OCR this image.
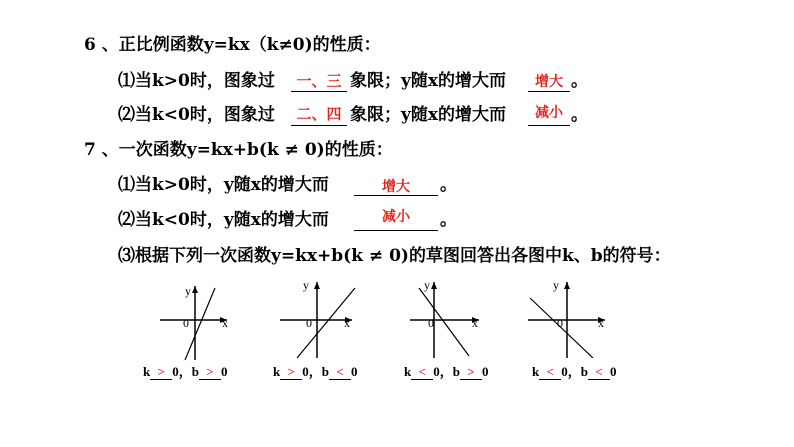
6 、正比例函数y=kx（k≠0)的性质：
⑴当k>0时，图象过	一、三 象限；y随x的增大而	增大 。
⑵当k<0时，图象过	二、四 象限；y随x的增大而	减小 。
7 、一次函数y=kx+b(k ≠ 0)的性质：
⑴当k>0时，y随x的增大而	增大	。
⑵当k<0时，y随x的增大而	减小	。
⑶根据下列一次函数y=kx+b(k ≠ 0)的草图回答出各图中k、b的符号：
y
x
0
y
x
0
y
x
0
y
x
0
k > 0，b > 0	k > 0，b < 0	k < 0，b > 0	k < 0，b < 0
